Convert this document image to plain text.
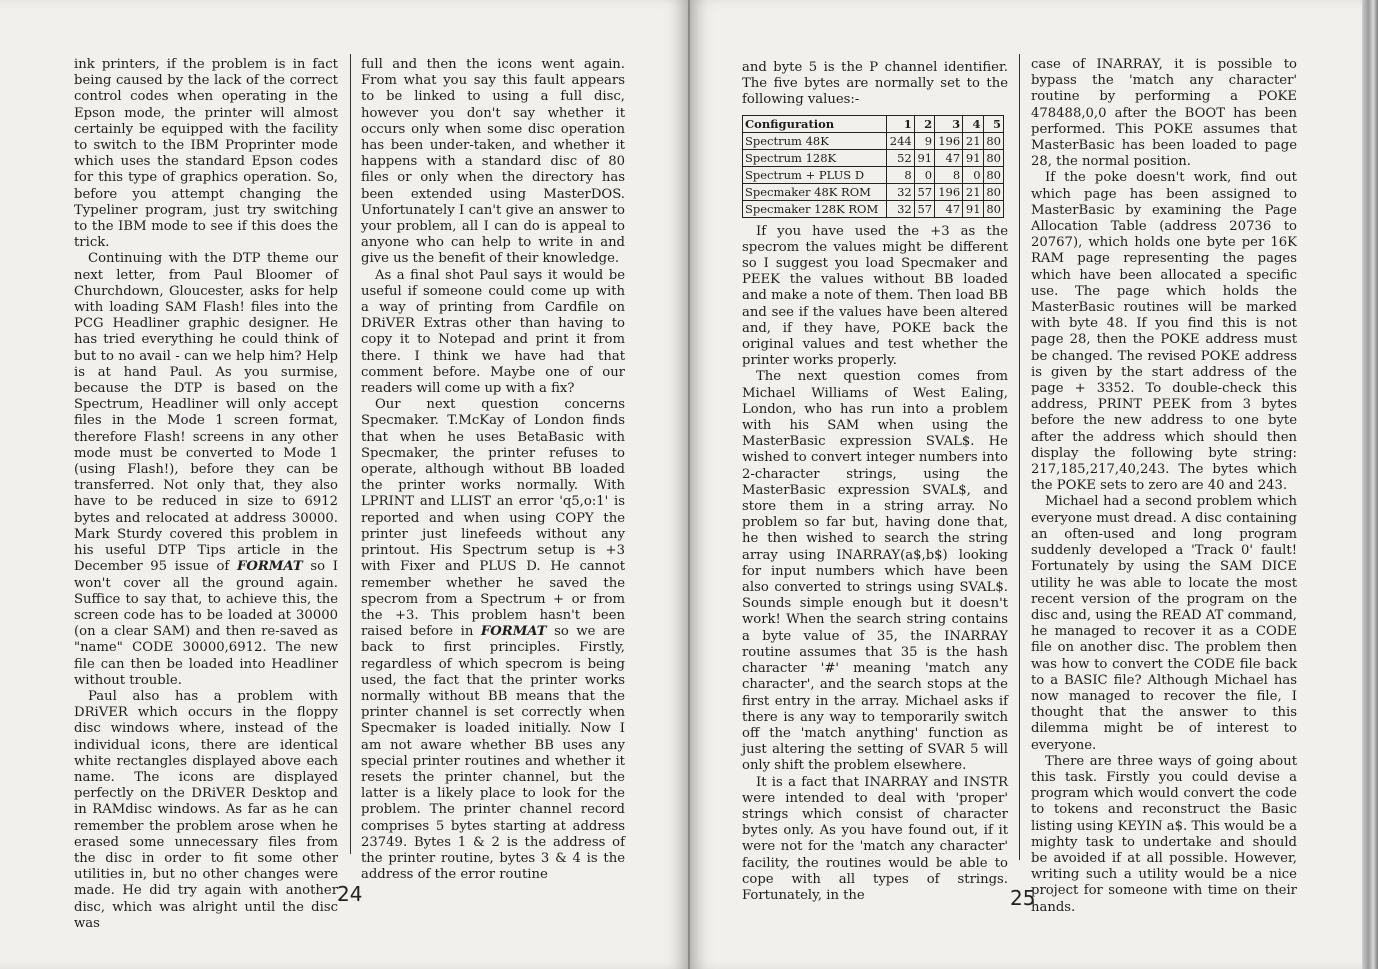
ink printers, if the problem is in fact being caused by the lack of the correct control codes when operating in the Epson mode, the printer will almost certainly be equipped with the facility to switch to the IBM Proprinter mode which uses the standard Epson codes for this type of graphics operation. So, before you attempt changing the Typeliner program, just try switching to the IBM mode to see if this does the trick.

Continuing with the DTP theme our next letter, from Paul Bloomer of Churchdown, Gloucester, asks for help with loading SAM Flash! files into the PCG Headliner graphic designer. He has tried everything he could think of but to no avail - can we help him? Help is at hand Paul. As you surmise, because the DTP is based on the Spectrum, Headliner will only accept files in the Mode 1 screen format, therefore Flash! screens in any other mode must be converted to Mode 1 (using Flash!), before they can be transferred. Not only that, they also have to be reduced in size to 6912 bytes and relocated at address 30000. Mark Sturdy covered this problem in his useful DTP Tips article in the December 95 issue of FORMAT so I won't cover all the ground again. Suffice to say that, to achieve this, the screen code has to be loaded at 30000 (on a clear SAM) and then re-saved as "name" CODE 30000,6912. The new file can then be loaded into Headliner without trouble.

Paul also has a problem with DRiVER which occurs in the floppy disc windows where, instead of the individual icons, there are identical white rectangles displayed above each name. The icons are displayed perfectly on the DRiVER Desktop and in RAMdisc windows. As far as he can remember the problem arose when he erased some unnecessary files from the disc in order to fit some other utilities in, but no other changes were made. He did try again with another disc, which was alright until the disc was

full and then the icons went again. From what you say this fault appears to be linked to using a full disc, however you don't say whether it occurs only when some disc operation has been under-taken, and whether it happens with a standard disc of 80 files or only when the directory has been extended using MasterDOS. Unfortunately I can't give an answer to your problem, all I can do is appeal to anyone who can help to write in and give us the benefit of their knowledge.

As a final shot Paul says it would be useful if someone could come up with a way of printing from Cardfile on DRiVER Extras other than having to copy it to Notepad and print it from there. I think we have had that comment before. Maybe one of our readers will come up with a fix?

Our next question concerns Specmaker. T.McKay of London finds that when he uses BetaBasic with Specmaker, the printer refuses to operate, although without BB loaded the printer works normally. With LPRINT and LLIST an error 'q5,o:1' is reported and when using COPY the printer just linefeeds without any printout. His Spectrum setup is +3 with Fixer and PLUS D. He cannot remember whether he saved the specrom from a Spectrum + or from the +3. This problem hasn't been raised before in FORMAT so we are back to first principles. Firstly, regardless of which specrom is being used, the fact that the printer works normally without BB means that the printer channel is set correctly when Specmaker is loaded initially. Now I am not aware whether BB uses any special printer routines and whether it resets the printer channel, but the latter is a likely place to look for the problem. The printer channel record comprises 5 bytes starting at address 23749. Bytes 1 & 2 is the address of the printer routine, bytes 3 & 4 is the address of the error routine

24

and byte 5 is the P channel identifier. The five bytes are normally set to the following values:-

Configuration	1	2	3	4	5
Spectrum 48K	244	9	196	21	80
Spectrum 128K	52	91	47	91	80
Spectrum + PLUS D	8	0	8	0	80
Specmaker 48K ROM	32	57	196	21	80
Specmaker 128K ROM	32	57	47	91	80

If you have used the +3 as the specrom the values might be different so I suggest you load Specmaker and PEEK the values without BB loaded and make a note of them. Then load BB and see if the values have been altered and, if they have, POKE back the original values and test whether the printer works properly.

The next question comes from Michael Williams of West Ealing, London, who has run into a problem with his SAM when using the MasterBasic expression SVAL$. He wished to convert integer numbers into 2-character strings, using the MasterBasic expression SVAL$, and store them in a string array. No problem so far but, having done that, he then wished to search the string array using INARRAY(a$,b$) looking for input numbers which have been also converted to strings using SVAL$. Sounds simple enough but it doesn't work! When the search string contains a byte value of 35, the INARRAY routine assumes that 35 is the hash character '#' meaning 'match any character', and the search stops at the first entry in the array. Michael asks if there is any way to temporarily switch off the 'match anything' function as just altering the setting of SVAR 5 will only shift the problem elsewhere.

It is a fact that INARRAY and INSTR were intended to deal with 'proper' strings which consist of character bytes only. As you have found out, if it were not for the 'match any character' facility, the routines would be able to cope with all types of strings. Fortunately, in the

case of INARRAY, it is possible to bypass the 'match any character' routine by performing a POKE 478488,0,0 after the BOOT has been performed. This POKE assumes that MasterBasic has been loaded to page 28, the normal position.

If the poke doesn't work, find out which page has been assigned to MasterBasic by examining the Page Allocation Table (address 20736 to 20767), which holds one byte per 16K RAM page representing the pages which have been allocated a specific use. The page which holds the MasterBasic routines will be marked with byte 48. If you find this is not page 28, then the POKE address must be changed. The revised POKE address is given by the start address of the page + 3352. To double-check this address, PRINT PEEK from 3 bytes before the new address to one byte after the address which should then display the following byte string: 217,185,217,40,243. The bytes which the POKE sets to zero are 40 and 243.

Michael had a second problem which everyone must dread. A disc containing an often-used and long program suddenly developed a 'Track 0' fault! Fortunately by using the SAM DICE utility he was able to locate the most recent version of the program on the disc and, using the READ AT command, he managed to recover it as a CODE file on another disc. The problem then was how to convert the CODE file back to a BASIC file? Although Michael has now managed to recover the file, I thought that the answer to this dilemma might be of interest to everyone.

There are three ways of going about this task. Firstly you could devise a program which would convert the code to tokens and reconstruct the Basic listing using KEYIN a$. This would be a mighty task to undertake and should be avoided if at all possible. However, writing such a utility would be a nice project for someone with time on their hands.

25
